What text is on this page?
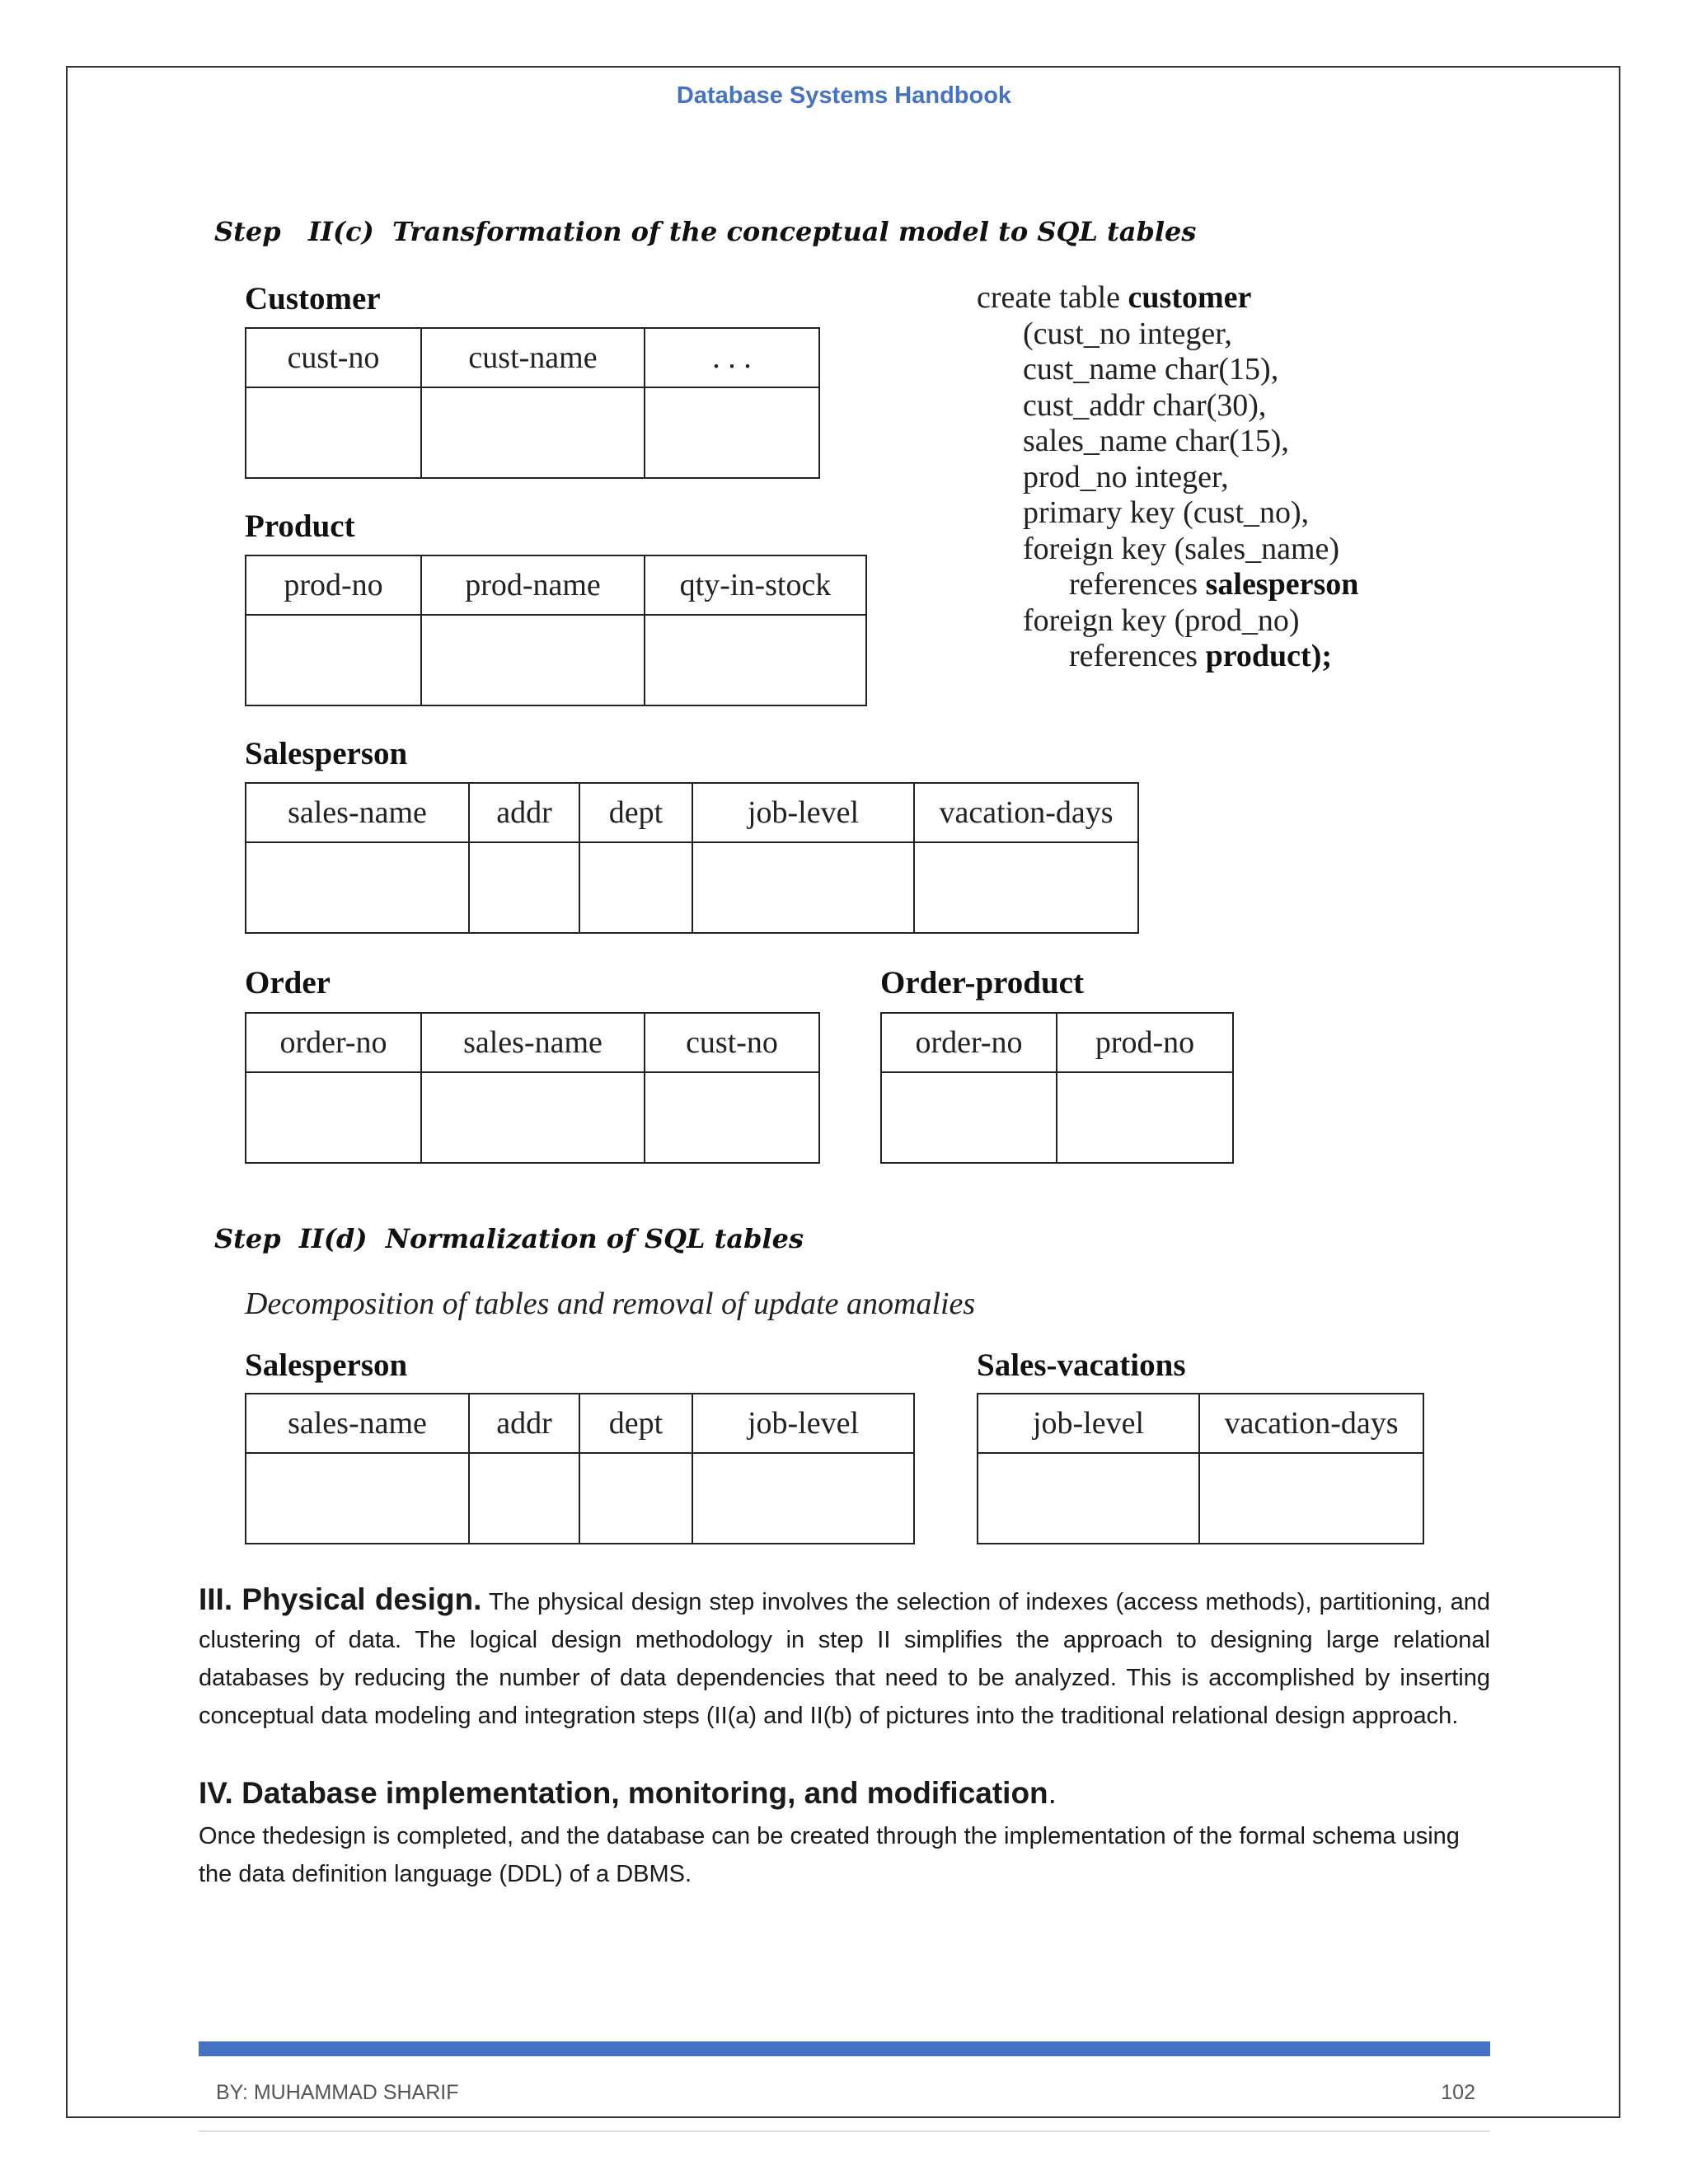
Database Systems Handbook
Step   II(c)  Transformation of the conceptual model to SQL tables
Customer
cust-no	cust-name	. . .

Product
prod-no	prod-name	qty-in-stock

create table customer
(cust_no integer,
cust_name char(15),
cust_addr char(30),
sales_name char(15),
prod_no integer,
primary key (cust_no),
foreign key (sales_name)
references salesperson
foreign key (prod_no)
references product);
Salesperson
sales-name	addr	dept	job-level	vacation-days

Order
order-no	sales-name	cust-no

Order-product
order-no	prod-no

Step  II(d)  Normalization of SQL tables
Decomposition of tables and removal of update anomalies
Salesperson
sales-name	addr	dept	job-level

Sales-vacations
job-level	vacation-days

III. Physical design. The physical design step involves the selection of indexes (access methods), partitioning, and clustering of data. The logical design methodology in step II simplifies the approach to designing large relational databases by reducing the number of data dependencies that need to be analyzed. This is accomplished by inserting conceptual data modeling and integration steps (II(a) and II(b) of pictures into the traditional relational design approach.
IV. Database implementation, monitoring, and modification.
Once thedesign is completed, and the database can be created through the implementation of the formal schema using the data definition language (DDL) of a DBMS.
BY: MUHAMMAD SHARIF	102
